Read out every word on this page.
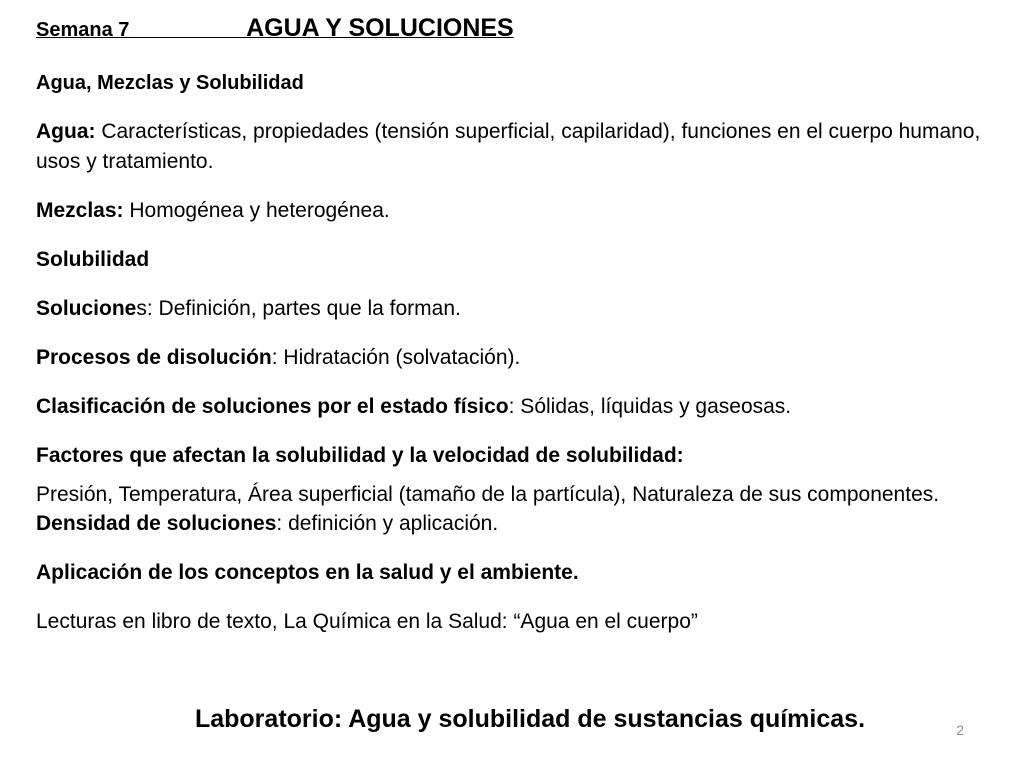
Semana 7	AGUA Y SOLUCIONES
Agua, Mezclas y Solubilidad
Agua: Características, propiedades (tensión superficial, capilaridad), funciones en el cuerpo humano, usos y tratamiento.
Mezclas: Homogénea y heterogénea.
Solubilidad
Soluciones: Definición, partes que la forman.
Procesos de disolución: Hidratación (solvatación).
Clasificación de soluciones por el estado físico: Sólidas, líquidas y gaseosas.
Factores que afectan la solubilidad y la velocidad de solubilidad:
Presión, Temperatura, Área superficial (tamaño de la partícula), Naturaleza de sus componentes.
Densidad de soluciones: definición y aplicación.
Aplicación de los conceptos en la salud y el ambiente.
Lecturas en libro de texto, La Química en la Salud: “Agua en el cuerpo”
Laboratorio: Agua y solubilidad de sustancias químicas.	2
